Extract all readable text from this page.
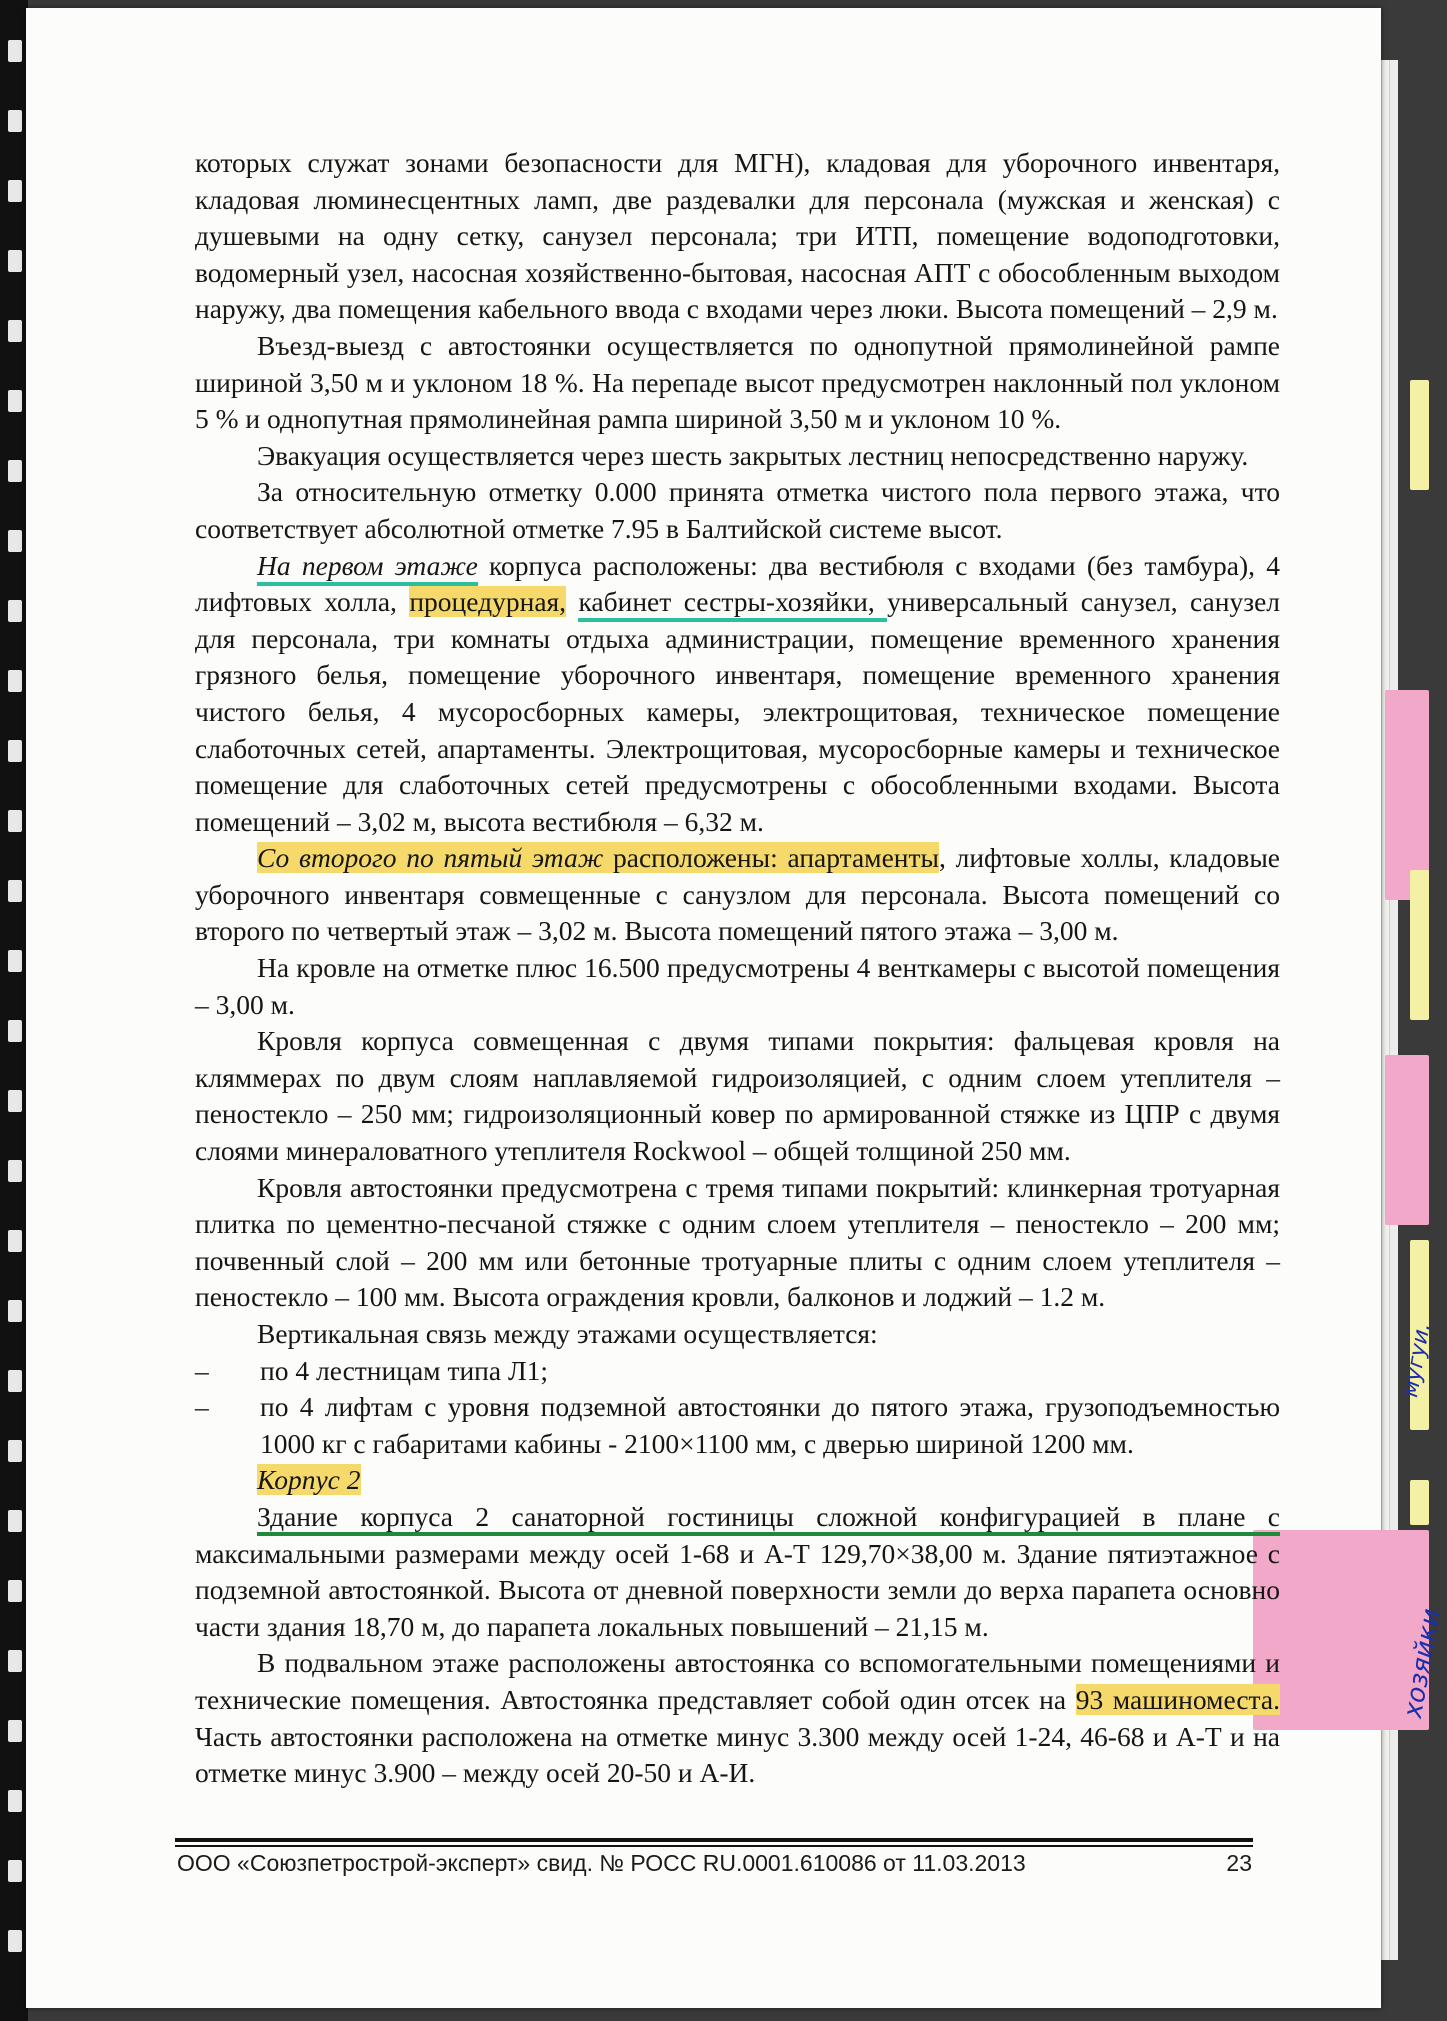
мугуи.
хозяйки

которых служат зонами безопасности для МГН), кладовая для уборочного инвентаря, кладовая люминесцентных ламп, две раздевалки для персонала (мужская и женская) с душевыми на одну сетку, санузел персонала; три ИТП, помещение водоподготовки, водомерный узел, насосная хозяйственно-бытовая, насосная АПТ с обособленным выходом наружу, два помещения кабельного ввода с входами через люки. Высота помещений – 2,9 м.

Въезд-выезд с автостоянки осуществляется по однопутной прямолинейной рампе шириной 3,50 м и уклоном 18 %. На перепаде высот предусмотрен наклонный пол уклоном 5 % и однопутная прямолинейная рампа шириной 3,50 м и уклоном 10 %.

Эвакуация осуществляется через шесть закрытых лестниц непосредственно наружу.

За относительную отметку 0.000 принята отметка чистого пола первого этажа, что соответствует абсолютной отметке 7.95 в Балтийской системе высот.

На первом этаже корпуса расположены: два вестибюля с входами (без тамбура), 4 лифтовых холла, процедурная, кабинет сестры-хозяйки, универсальный санузел, санузел для персонала, три комнаты отдыха администрации, помещение временного хранения грязного белья, помещение уборочного инвентаря, помещение временного хранения чистого белья, 4 мусоросборных камеры, электрощитовая, техническое помещение слаботочных сетей, апартаменты. Электрощитовая, мусоросборные камеры и техническое помещение для слаботочных сетей предусмотрены с обособленными входами. Высота помещений – 3,02 м, высота вестибюля – 6,32 м.

Со второго по пятый этаж расположены: апартаменты, лифтовые холлы, кладовые уборочного инвентаря совмещенные с санузлом для персонала. Высота помещений со второго по четвертый этаж – 3,02 м. Высота помещений пятого этажа – 3,00 м.

На кровле на отметке плюс 16.500 предусмотрены 4 венткамеры с высотой помещения – 3,00 м.

Кровля корпуса совмещенная с двумя типами покрытия: фальцевая кровля на кляммерах по двум слоям наплавляемой гидроизоляцией, с одним слоем утеплителя – пеностекло – 250 мм; гидроизоляционный ковер по армированной стяжке из ЦПР с двумя слоями минераловатного утеплителя Rockwool – общей толщиной 250 мм.

Кровля автостоянки предусмотрена с тремя типами покрытий: клинкерная тротуарная плитка по цементно-песчаной стяжке с одним слоем утеплителя – пеностекло – 200 мм; почвенный слой – 200 мм или бетонные тротуарные плиты с одним слоем утеплителя – пеностекло – 100 мм. Высота ограждения кровли, балконов и лоджий – 1.2 м.

Вертикальная связь между этажами осуществляется:

–	по 4 лестницам типа Л1;

–	по 4 лифтам с уровня подземной автостоянки до пятого этажа, грузоподъемностью 1000 кг с габаритами кабины - 2100×1100 мм, с дверью шириной 1200 мм.

Корпус 2

Здание корпуса 2 санаторной гостиницы сложной конфигурацией в плане с максимальными размерами между осей 1-68 и А-Т 129,70×38,00 м. Здание пятиэтажное с подземной автостоянкой. Высота от дневной поверхности земли до верха парапета основно части здания 18,70 м, до парапета локальных повышений – 21,15 м.

В подвальном этаже расположены автостоянка со вспомогательными помещениями и технические помещения. Автостоянка представляет собой один отсек на 93 машиноместа. Часть автостоянки расположена на отметке минус 3.300 между осей 1-24, 46-68 и А-Т и на отметке минус 3.900 – между осей 20-50 и А-И.

ООО «Союзпетрострой-эксперт» свид. № РОСС RU.0001.610086 от 11.03.2013	23
